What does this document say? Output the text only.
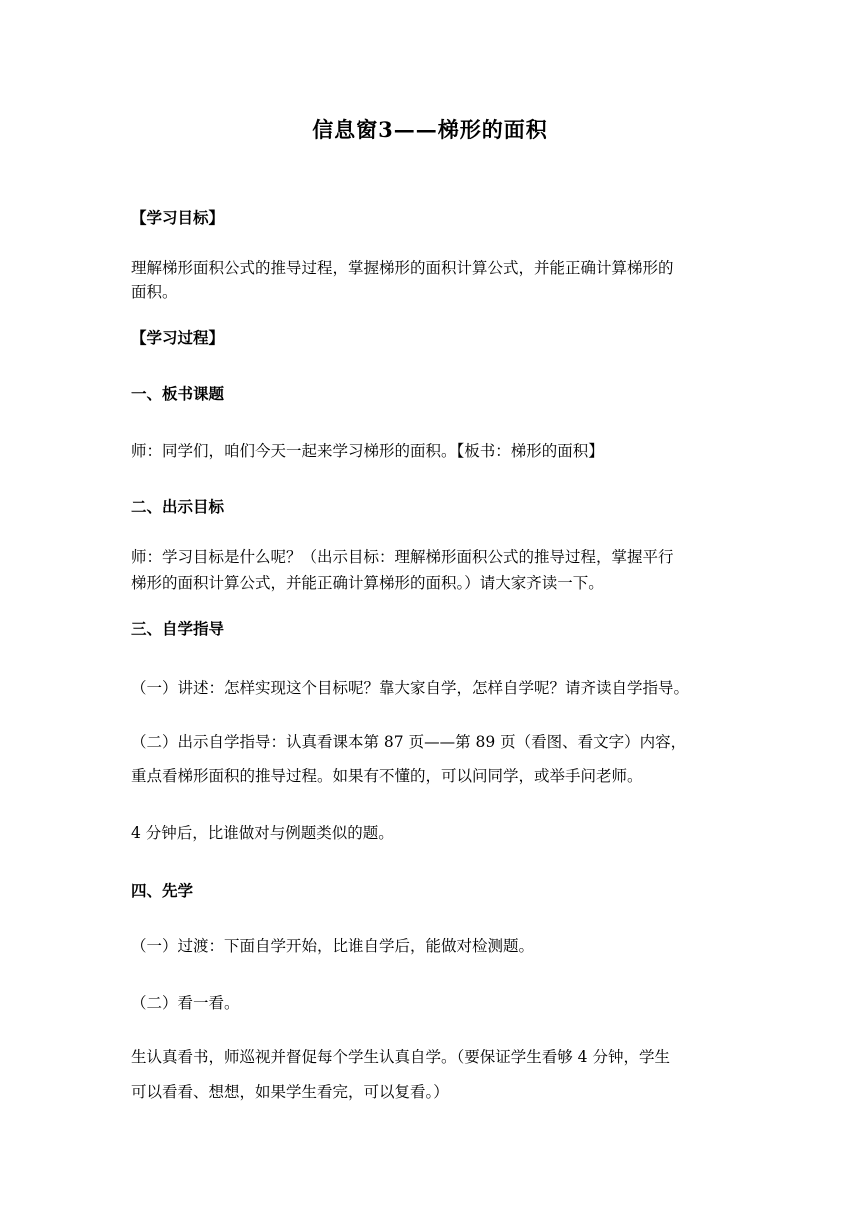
信息窗3——梯形的面积
【学习目标】
理解梯形面积公式的推导过程，掌握梯形的面积计算公式，并能正确计算梯形的
面积。
【学习过程】
一、板书课题
师：同学们，咱们今天一起来学习梯形的面积。【板书：梯形的面积】
二、出示目标
师：学习目标是什么呢？（出示目标：理解梯形面积公式的推导过程，掌握平行
梯形的面积计算公式，并能正确计算梯形的面积。）请大家齐读一下。
三、自学指导
（一）讲述：怎样实现这个目标呢？靠大家自学，怎样自学呢？请齐读自学指导。
（二）出示自学指导：认真看课本第 87 页——第 89 页（看图、看文字）内容，
重点看梯形面积的推导过程。如果有不懂的，可以问同学，或举手问老师。
4 分钟后，比谁做对与例题类似的题。
四、先学
（一）过渡：下面自学开始，比谁自学后，能做对检测题。
（二）看一看。
生认真看书，师巡视并督促每个学生认真自学。（要保证学生看够 4 分钟，学生
可以看看、想想，如果学生看完，可以复看。）
